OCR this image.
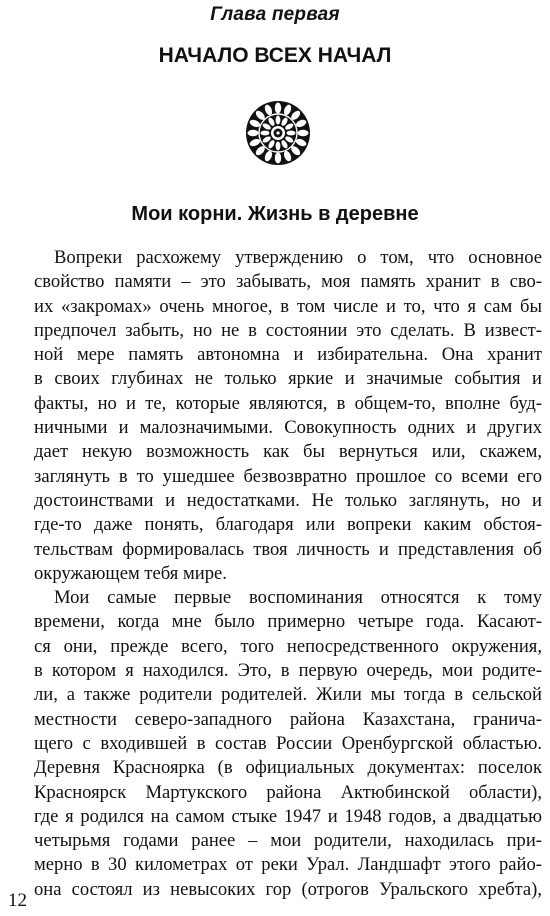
Глава первая
НАЧАЛО ВСЕХ НАЧАЛ
Мои корни. Жизнь в деревне
Вопреки расхожему утверждению о том, что основное
свойство памяти – это забывать, моя память хранит в сво-
их «закромах» очень многое, в том числе и то, что я сам бы
предпочел забыть, но не в состоянии это сделать. В извест-
ной мере память автономна и избирательна. Она хранит
в своих глубинах не только яркие и значимые события и
факты, но и те, которые являются, в общем-то, вполне буд-
ничными и малозначимыми. Совокупность одних и других
дает некую возможность как бы вернуться или, скажем,
заглянуть в то ушедшее безвозвратно прошлое со всеми его
достоинствами и недостатками. Не только заглянуть, но и
где-то даже понять, благодаря или вопреки каким обстоя-
тельствам формировалась твоя личность и представления об
окружающем тебя мире.
Мои самые первые воспоминания относятся к тому
времени, когда мне было примерно четыре года. Касают-
ся они, прежде всего, того непосредственного окружения,
в котором я находился. Это, в первую очередь, мои родите-
ли, а также родители родителей. Жили мы тогда в сельской
местности северо-западного района Казахстана, гранича-
щего с входившей в состав России Оренбургской областью.
Деревня Красноярка (в официальных документах: поселок
Красноярск Мартукского района Актюбинской области),
где я родился на самом стыке 1947 и 1948 годов, а двадцатью
четырьмя годами ранее – мои родители, находилась при-
мерно в 30 километрах от реки Урал. Ландшафт этого райо-
она состоял из невысоких гор (отрогов Уральского хребта),
12
